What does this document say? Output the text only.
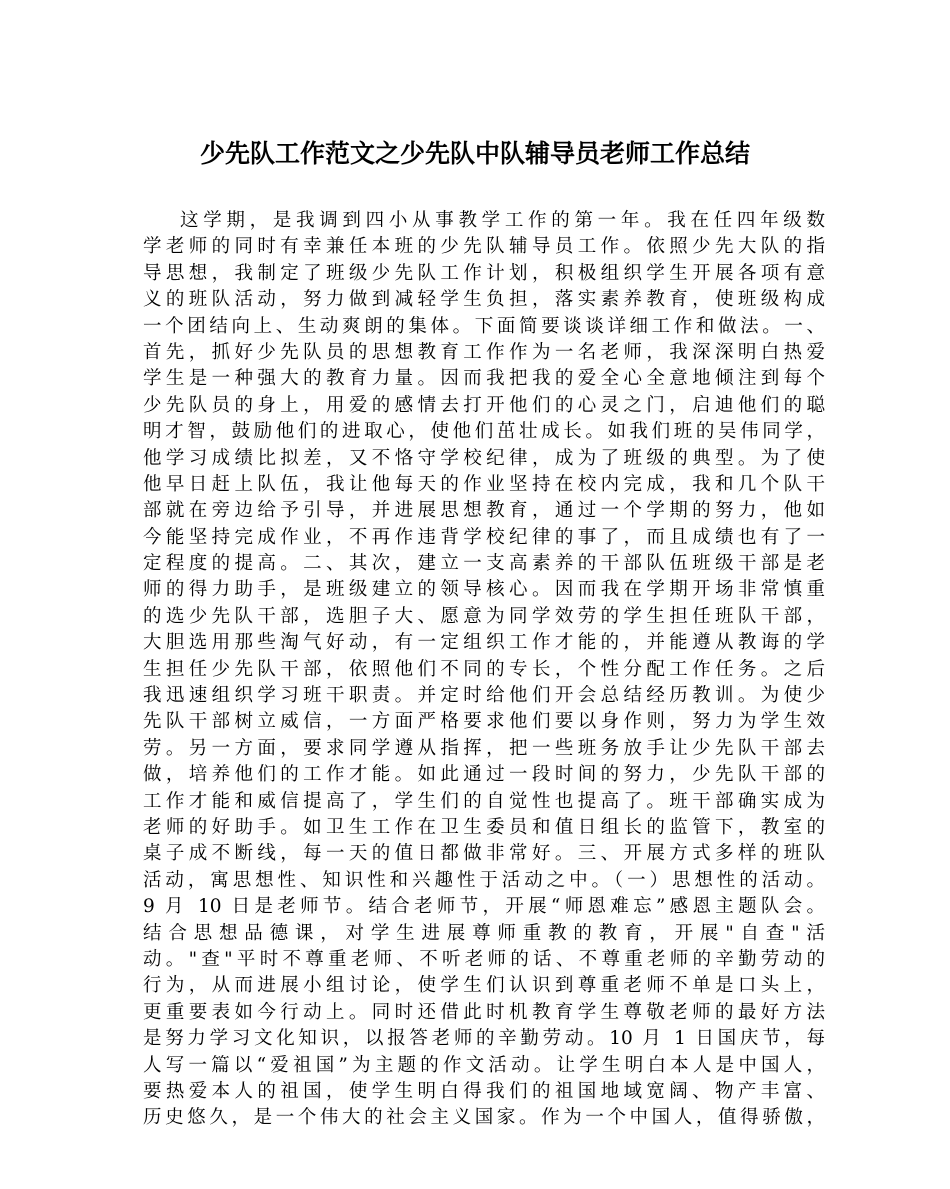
少先队工作范文之少先队中队辅导员老师工作总结
这学期，是我调到四小从事教学工作的第一年。我在任四年级数
学老师的同时有幸兼任本班的少先队辅导员工作。依照少先大队的指
导思想，我制定了班级少先队工作计划，积极组织学生开展各项有意
义的班队活动，努力做到减轻学生负担，落实素养教育，使班级构成
一个团结向上、生动爽朗的集体。下面简要谈谈详细工作和做法。一、
首先，抓好少先队员的思想教育工作作为一名老师，我深深明白热爱
学生是一种强大的教育力量。因而我把我的爱全心全意地倾注到每个
少先队员的身上，用爱的感情去打开他们的心灵之门，启迪他们的聪
明才智，鼓励他们的进取心，使他们茁壮成长。如我们班的吴伟同学，
他学习成绩比拟差，又不恪守学校纪律，成为了班级的典型。为了使
他早日赶上队伍，我让他每天的作业坚持在校内完成，我和几个队干
部就在旁边给予引导，并进展思想教育，通过一个学期的努力，他如
今能坚持完成作业，不再作违背学校纪律的事了，而且成绩也有了一
定程度的提高。二、其次，建立一支高素养的干部队伍班级干部是老
师的得力助手，是班级建立的领导核心。因而我在学期开场非常慎重
的选少先队干部，选胆子大、愿意为同学效劳的学生担任班队干部，
大胆选用那些淘气好动，有一定组织工作才能的，并能遵从教诲的学
生担任少先队干部，依照他们不同的专长，个性分配工作任务。之后
我迅速组织学习班干职责。并定时给他们开会总结经历教训。为使少
先队干部树立威信，一方面严格要求他们要以身作则，努力为学生效
劳。另一方面，要求同学遵从指挥，把一些班务放手让少先队干部去
做，培养他们的工作才能。如此通过一段时间的努力，少先队干部的
工作才能和威信提高了，学生们的自觉性也提高了。班干部确实成为
老师的好助手。如卫生工作在卫生委员和值日组长的监管下，教室的
桌子成不断线，每一天的值日都做非常好。三、开展方式多样的班队
活动，寓思想性、知识性和兴趣性于活动之中。（一）思想性的活动。
9 月 10 日是老师节。结合老师节，开展“师恩难忘”感恩主题队会。
结合思想品德课，对学生进展尊师重教的教育，开展"自查"活
动。"查"平时不尊重老师、不听老师的话、不尊重老师的辛勤劳动的
行为，从而进展小组讨论，使学生们认识到尊重老师不单是口头上，
更重要表如今行动上。同时还借此时机教育学生尊敬老师的最好方法
是努力学习文化知识，以报答老师的辛勤劳动。10 月 1 日国庆节，每
人写一篇以“爱祖国”为主题的作文活动。让学生明白本人是中国人，
要热爱本人的祖国，使学生明白得我们的祖国地域宽阔、物产丰富、
历史悠久，是一个伟大的社会主义国家。作为一个中国人，值得骄傲，
